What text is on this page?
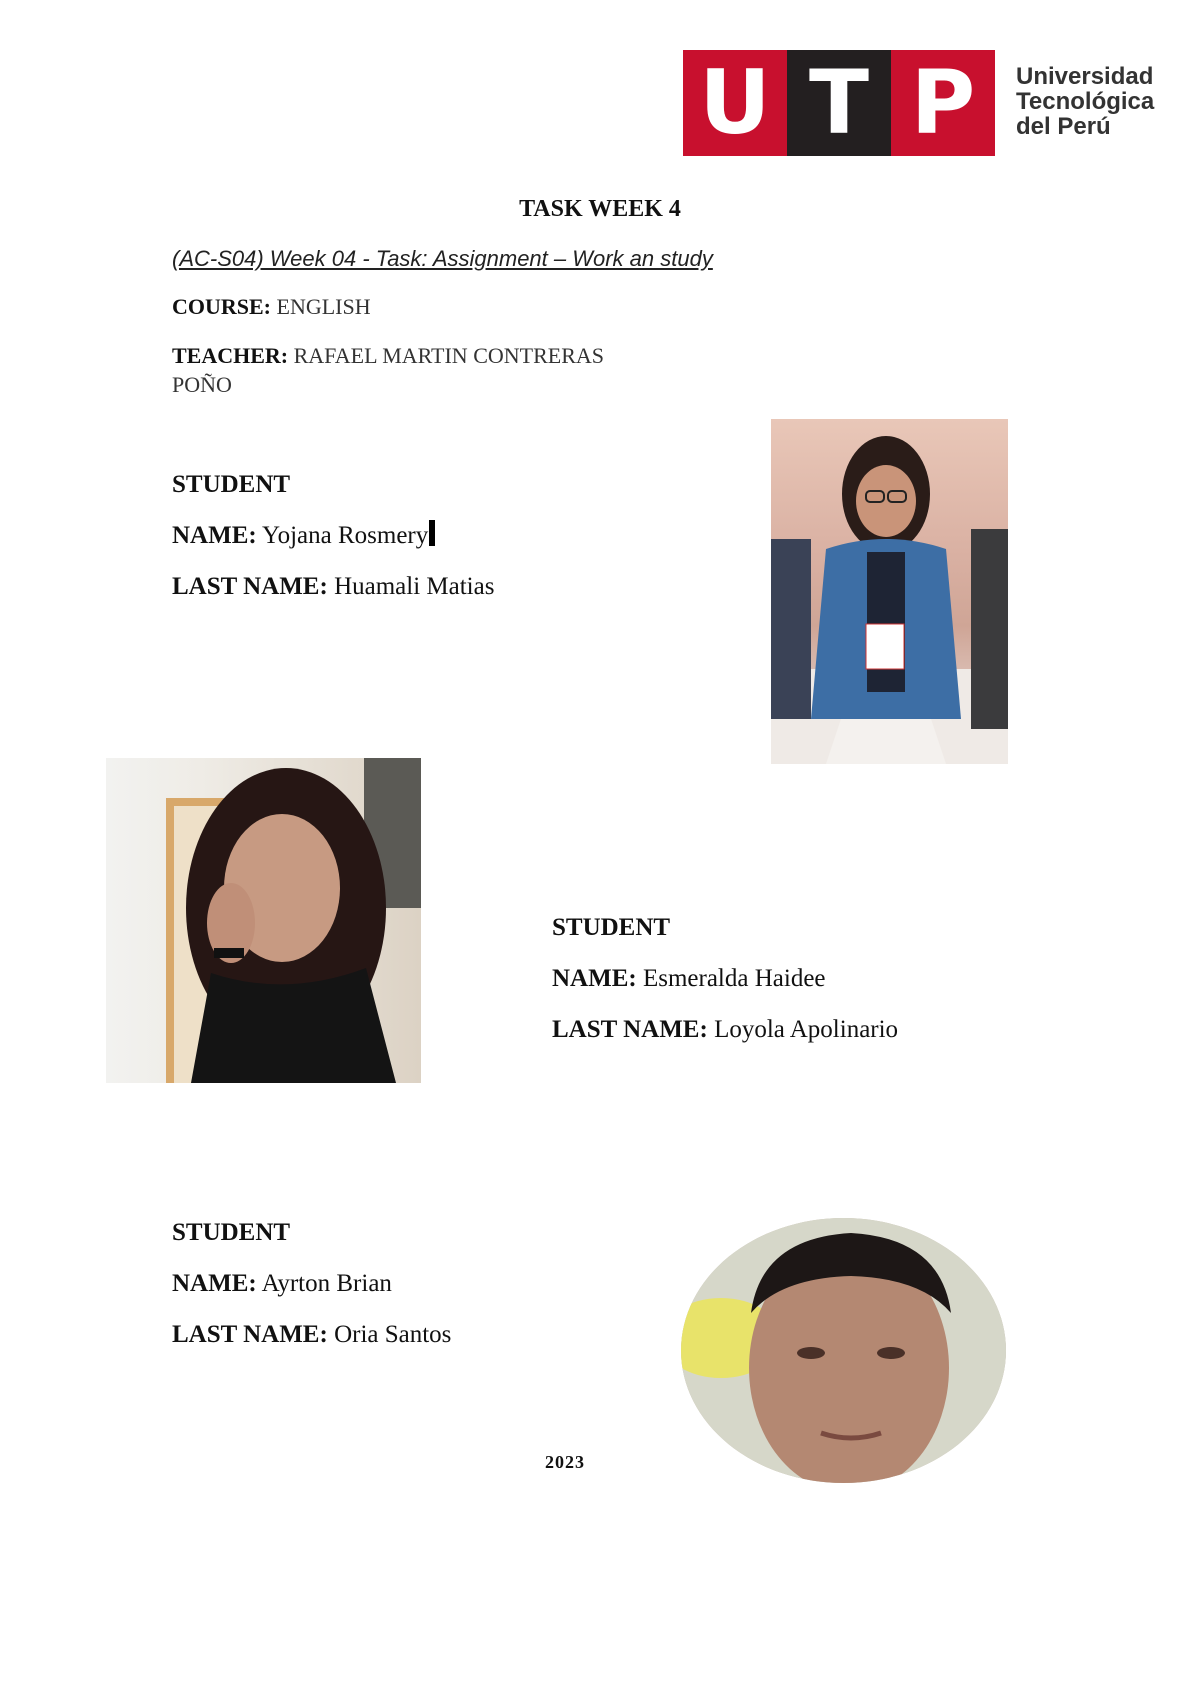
U T P	Universidad
Tecnológica
del Perú
TASK WEEK 4
(AC-S04) Week 04 - Task: Assignment – Work an study
COURSE: ENGLISH
TEACHER: RAFAEL MARTIN CONTRERAS
POÑO
STUDENT
NAME: Yojana Rosmery
LAST NAME: Huamali Matias
STUDENT
NAME: Esmeralda Haidee
LAST NAME: Loyola Apolinario
STUDENT
NAME: Ayrton Brian
LAST NAME: Oria Santos
2023
